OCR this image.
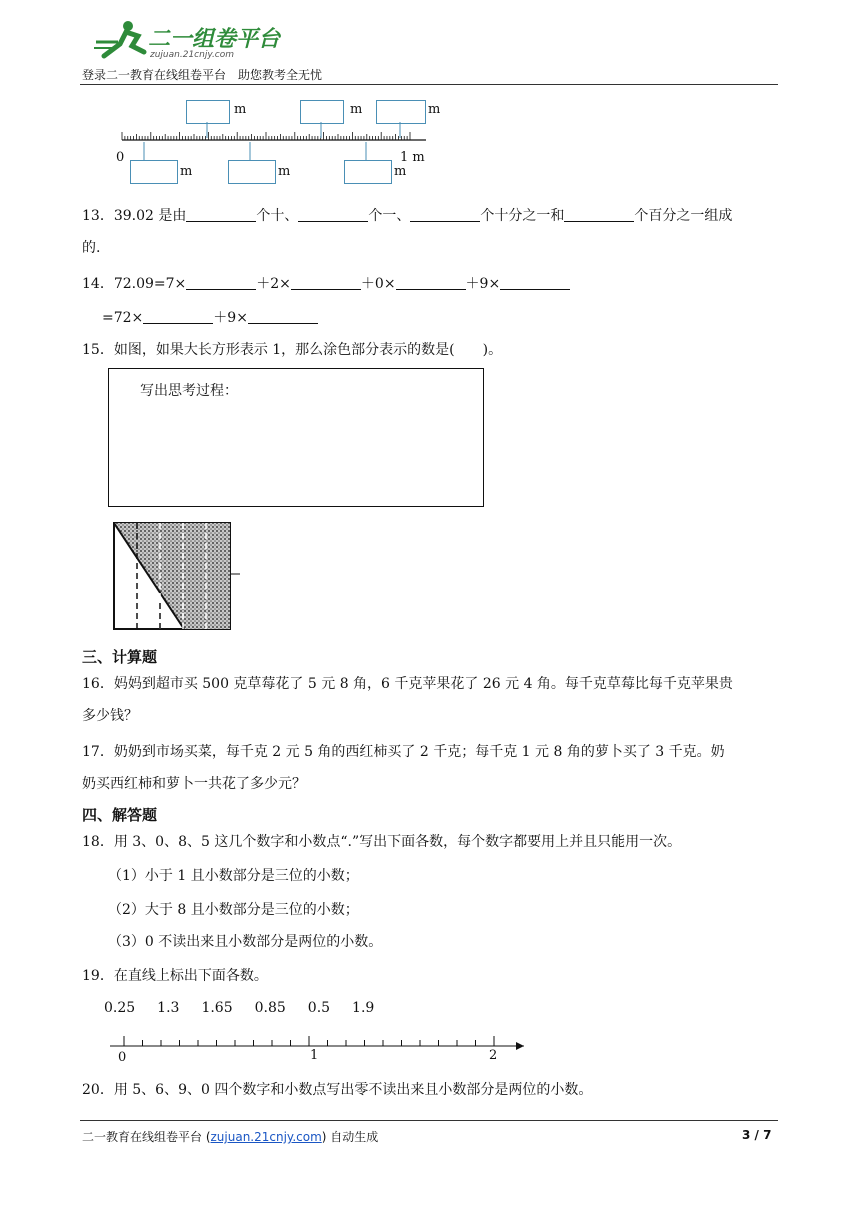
二一组卷平台
zujuan.21cnjy.com
登录二一教育在线组卷平台　助您教考全无忧
0	1 m
m	m	m
m	m	m
13．39.02 是由	个十、	个一、	个十分之一和	个百分之一组成
的.
14．72.09=7×	＋2×	＋0×	＋9×
=72×	＋9×
15．如图，如果大长方形表示 1，那么涂色部分表示的数是(　　)。
写出思考过程：
三、计算题
16．妈妈到超市买 500 克草莓花了 5 元 8 角，6 千克苹果花了 26 元 4 角。每千克草莓比每千克苹果贵
多少钱？
17．奶奶到市场买菜，每千克 2 元 5 角的西红柿买了 2 千克；每千克 1 元 8 角的萝卜买了 3 千克。奶
奶买西红柿和萝卜一共花了多少元？
四、解答题
18．用 3、0、8、5 这几个数字和小数点“.”写出下面各数，每个数字都要用上并且只能用一次。
（1）小于 1 且小数部分是三位的小数；
（2）大于 8 且小数部分是三位的小数；
（3）0 不读出来且小数部分是两位的小数。
19．在直线上标出下面各数。
0.25 1.3 1.65 0.85 0.5 1.9
0	1	2
20．用 5、6、9、0 四个数字和小数点写出零不读出来且小数部分是两位的小数。
二一教育在线组卷平台 (zujuan.21cnjy.com) 自动生成	3 / 7
